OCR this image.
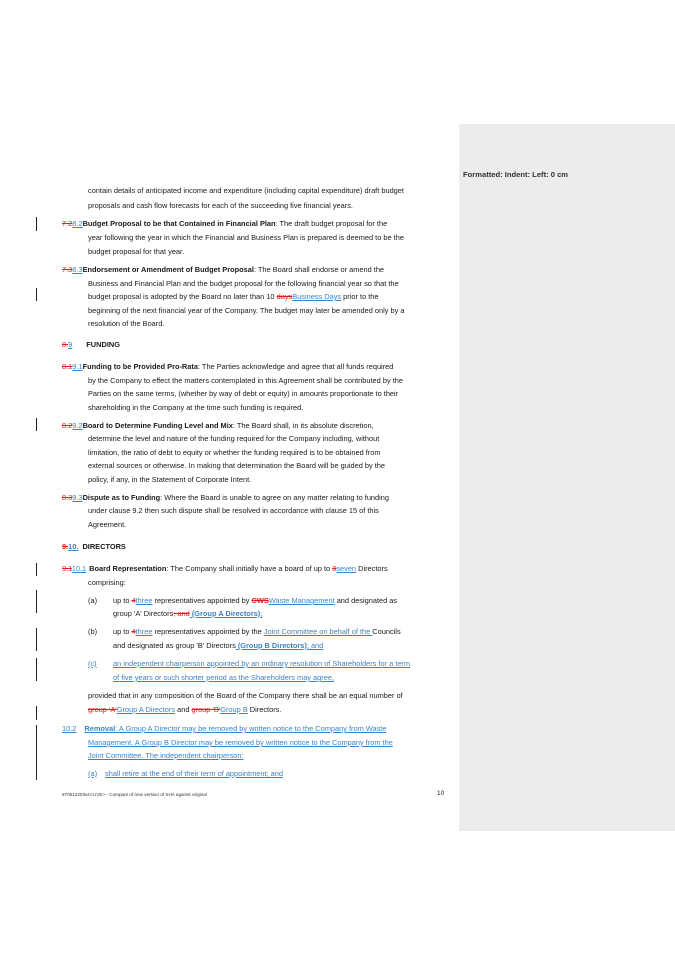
Formatted: Indent: Left: 0 cm
contain details of anticipated income and expenditure (including capital expenditure) draft budget
proposals and cash flow forecasts for each of the succeeding five financial years.
7.28.2Budget Proposal to be that Contained in Financial Plan: The draft budget proposal for the
year following the year in which the Financial and Business Plan is prepared is deemed to be the
budget proposal for that year.
7.38.3Endorsement or Amendment of Budget Proposal: The Board shall endorse or amend the
Business and Financial Plan and the budget proposal for the following financial year so that the
budget proposal is adopted by the Board no later than 10 daysBusiness Days prior to the
beginning of the next financial year of the Company. The budget may later be amended only by a
resolution of the Board.
8.9 FUNDING
8.19.1Funding to be Provided Pro-Rata: The Parties acknowledge and agree that all funds required
by the Company to effect the matters contemplated in this Agreement shall be contributed by the
Parties on the same terms, (whether by way of debt or equity) in amounts proportionate to their
shareholding in the Company at the time such funding is required.
8.29.2Board to Determine Funding Level and Mix: The Board shall, in its absolute discretion,
determine the level and nature of the funding required for the Company including, without
limitation, the ratio of debt to equity or whether the funding required is to be obtained from
external sources or otherwise. In making that determination the Board will be guided by the
policy, if any, in the Statement of Corporate Intent.
8.39.3Dispute as to Funding: Where the Board is unable to agree on any matter relating to funding
under clause 9.2 then such dispute shall be resolved in accordance with clause 15 of this
Agreement.
9.10. DIRECTORS
9.110.1 Board Representation: The Company shall initially have a board of up to 8seven Directors
comprising:
(a) up to 4three representatives appointed by CWSWaste Management and designated as
group 'A' Directors; and (Group A Directors);
(b) up to 4three representatives appointed by the Joint Committee on behalf of the Councils
and designated as group 'B' Directors (Group B Directors); and
(c) an independent chairperson appointed by an ordinary resolution of Shareholders for a term
of five years or such shorter period as the Shareholders may agree,
provided that in any composition of the Board of the Company there shall be an equal number of
group 'A'Group A Directors and group 'B'Group B Directors.
10.2 Removal: A Group A Director may be removed by written notice to the Company from Waste
Management. A Group B Director may be removed by written notice to the Company from the
Joint Committee. The independent chairperson:
(a) shall retire at the end of their term of appointment; and
870512203v4<LIVE> - Compare of new version of SHA against original	10
